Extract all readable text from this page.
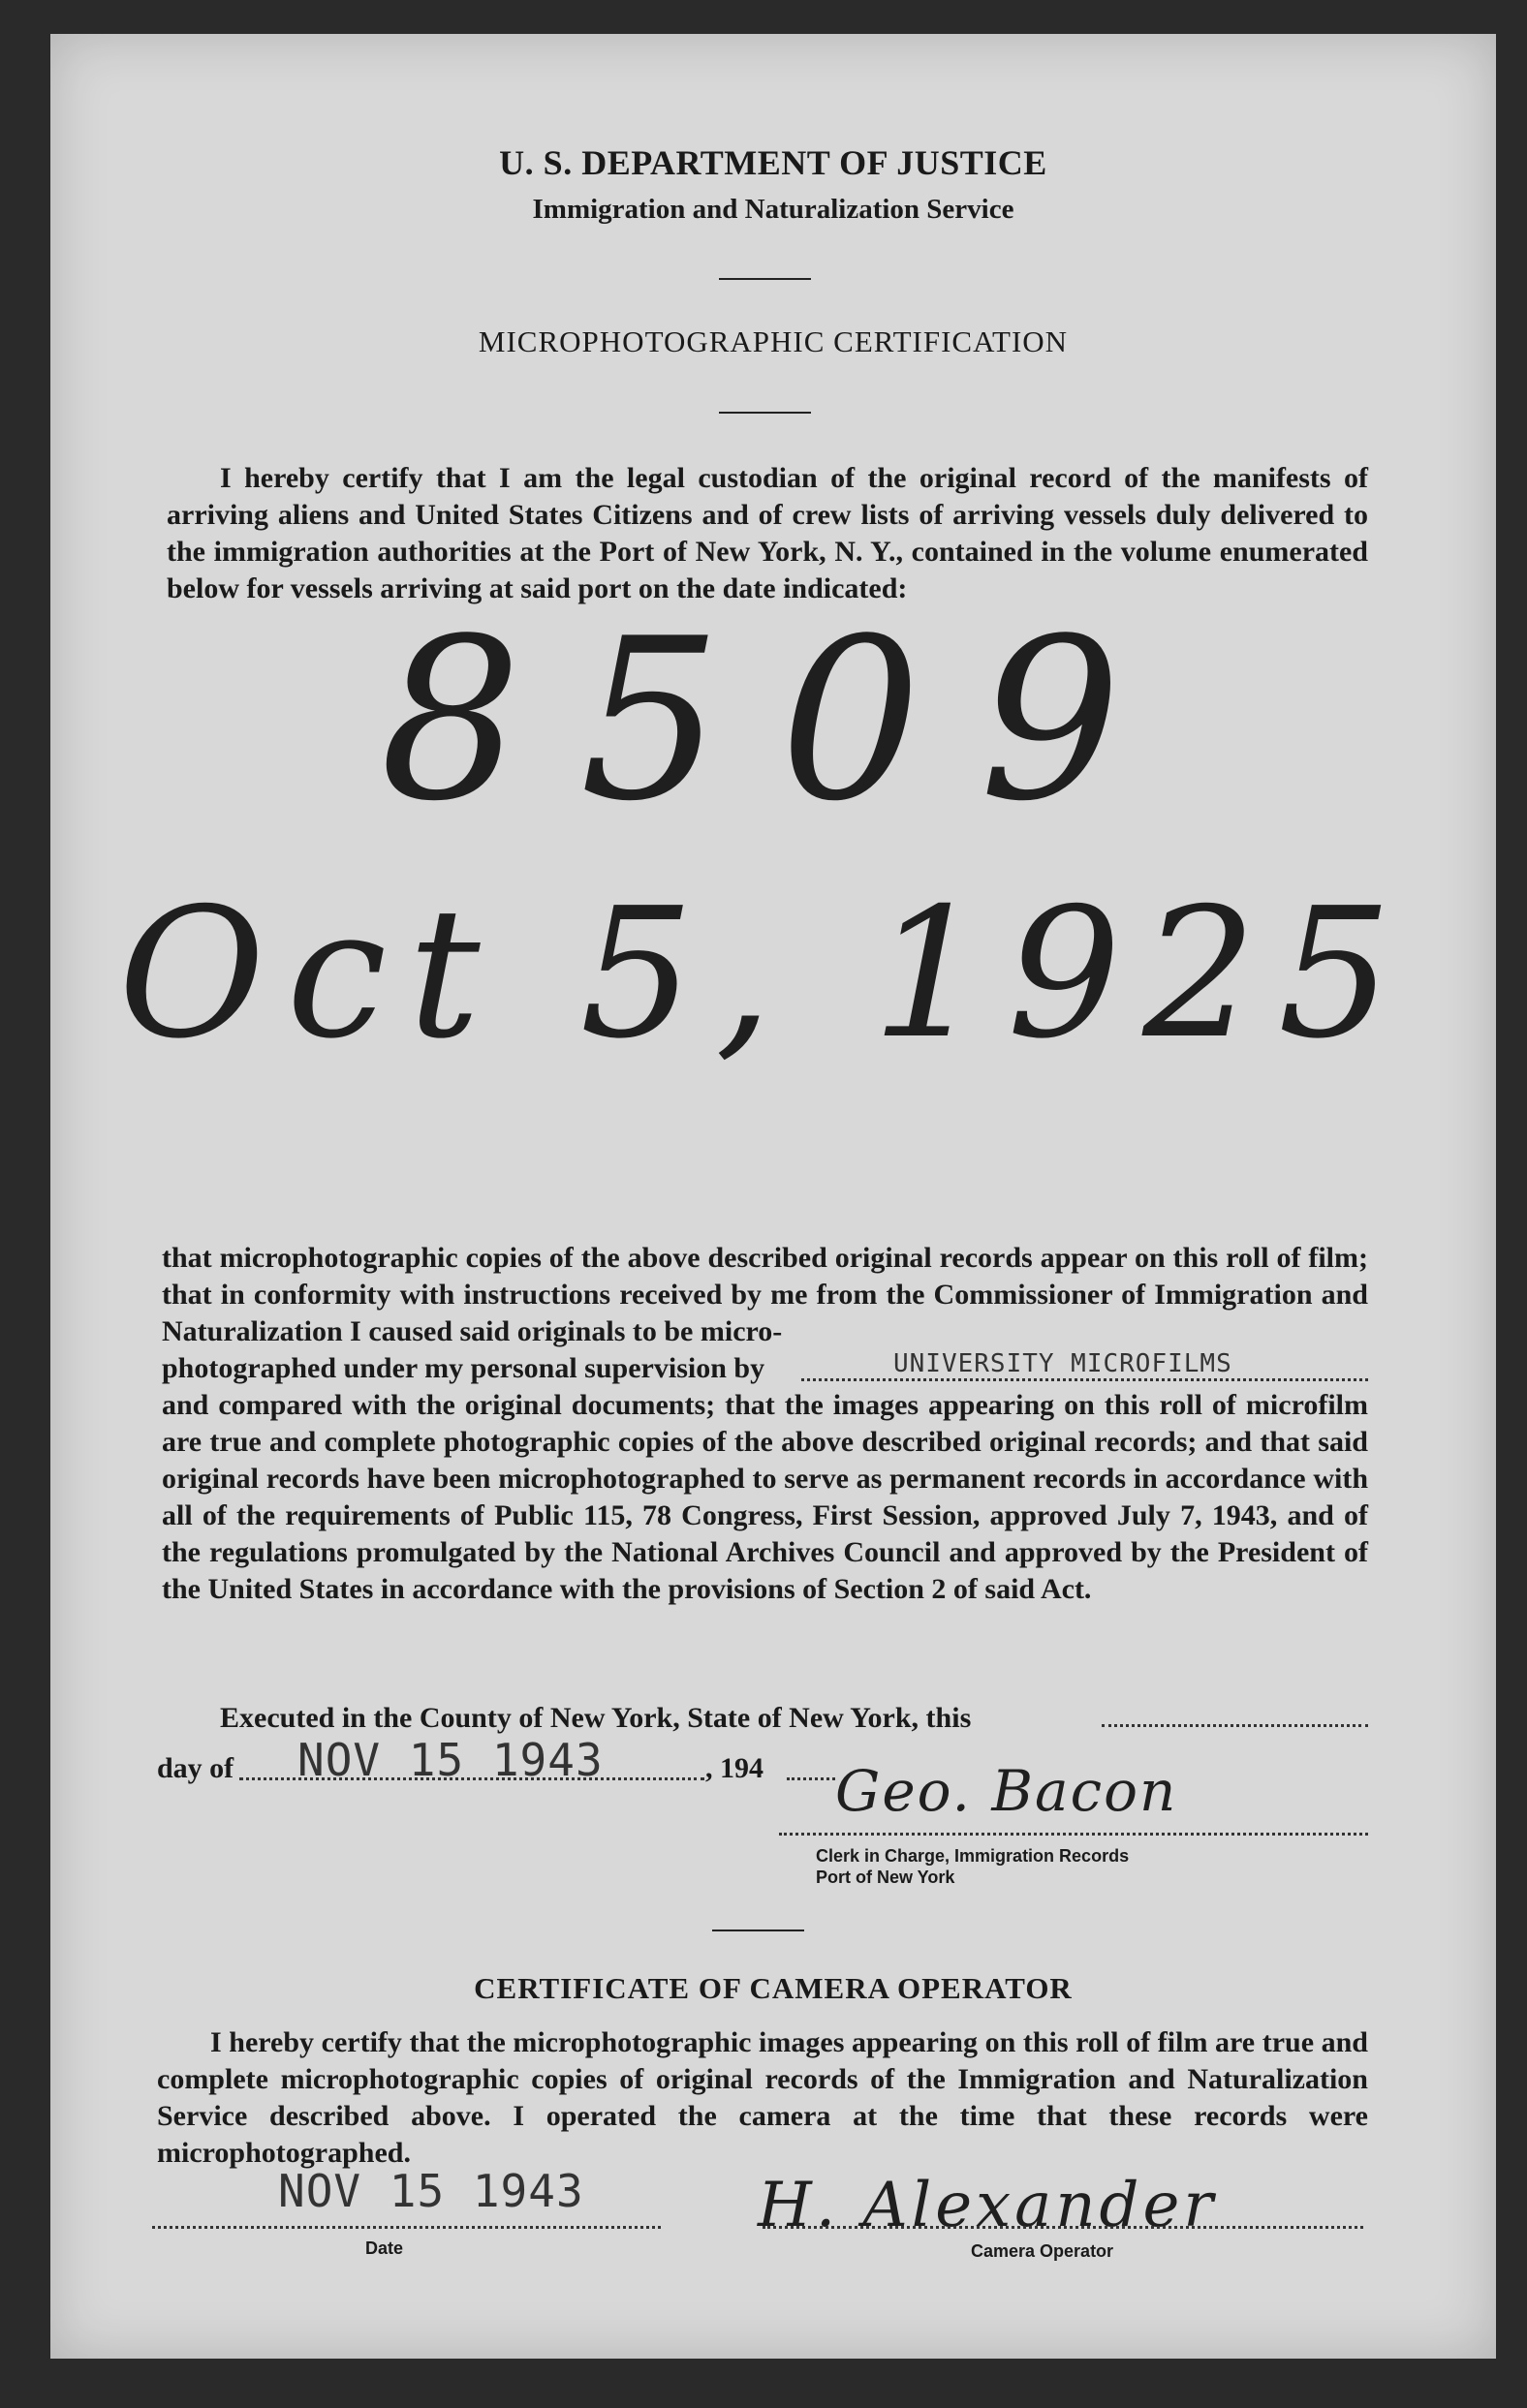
U. S. DEPARTMENT OF JUSTICE
Immigration and Naturalization Service
MICROPHOTOGRAPHIC CERTIFICATION

I hereby certify that I am the legal custodian of the original record of the manifests of arriving aliens and United States Citizens and of crew lists of arriving vessels duly delivered to the immigration authorities at the Port of New York, N. Y., contained in the volume enumerated below for vessels arriving at said port on the date indicated:

8509
Oct 5, 1925

that microphotographic copies of the above described original records appear on this roll of film; that in conformity with instructions received by me from the Commissioner of Immigration and Naturalization I caused said originals to be micro-

photographed under my personal supervision by

and compared with the original documents; that the images appearing on this roll of microfilm are true and complete photographic copies of the above described original records; and that said original records have been microphotographed to serve as permanent records in accordance with all of the requirements of Public 115, 78 Congress, First Session, approved July 7, 1943, and of the regulations promulgated by the National Archives Council and approved by the President of the United States in accordance with the provisions of Section 2 of said Act.

UNIVERSITY MICROFILMS
Executed in the County of New York, State of New York, this
day of NOV 15 1943	, 194 Geo. Bacon
Clerk in Charge, Immigration Records
Port of New York
CERTIFICATE OF CAMERA OPERATOR

I hereby certify that the microphotographic images appearing on this roll of film are true and complete microphotographic copies of original records of the Immigration and Naturalization Service described above. I operated the camera at the time that these records were microphotographed.

NOV 15 1943
Date
H. Alexander
Camera Operator
